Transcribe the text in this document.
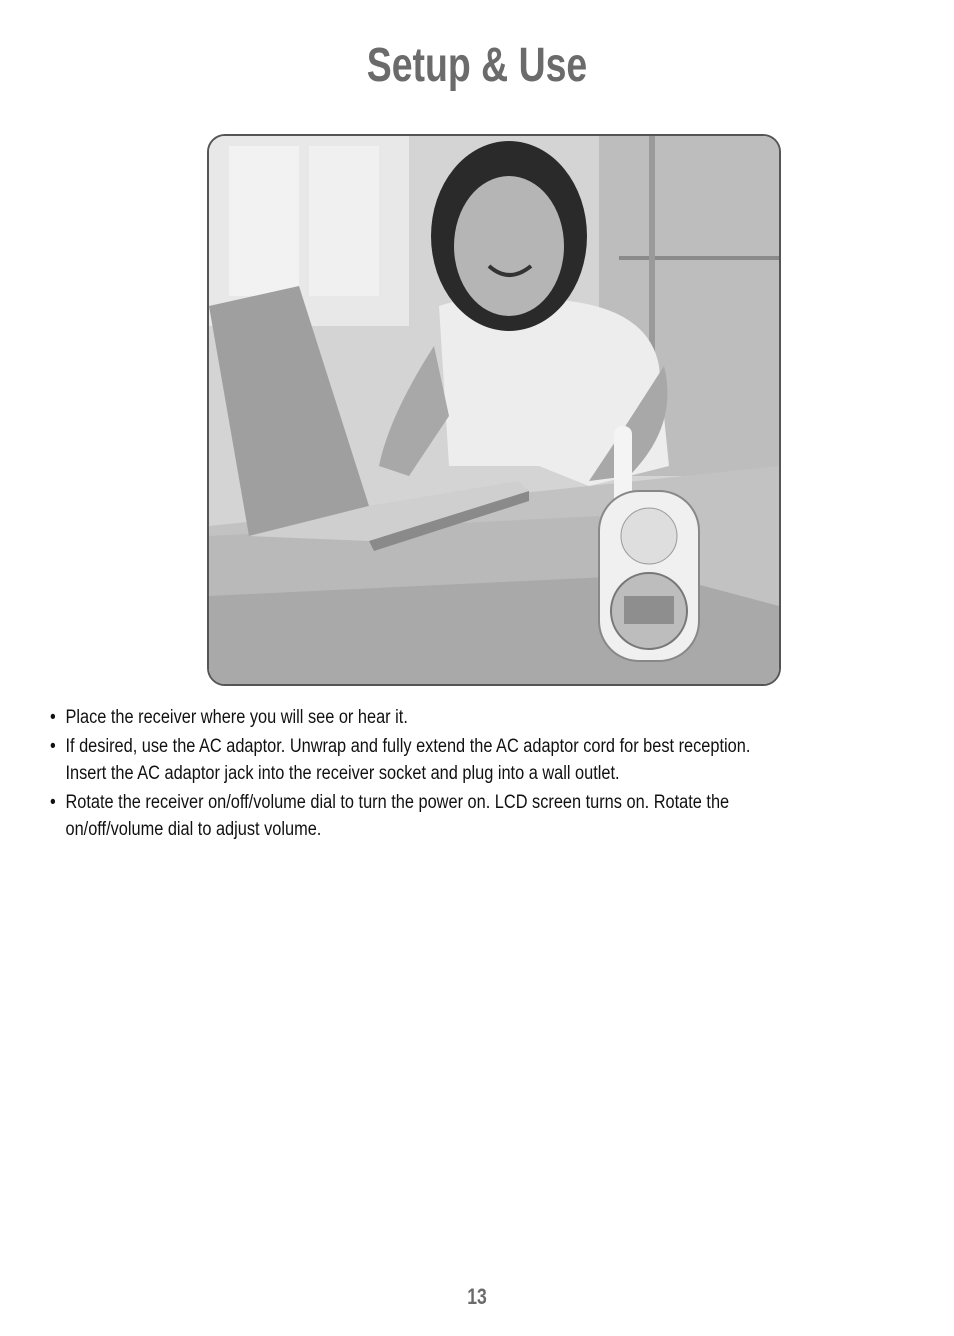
Setup & Use
• Place the receiver where you will see or hear it.
• If desired, use the AC adaptor. Unwrap and fully extend the AC adaptor cord for best reception. Insert the AC adaptor jack into the receiver socket and plug into a wall outlet.
• Rotate the receiver on/off/volume dial to turn the power on. LCD screen turns on. Rotate the on/off/volume dial to adjust volume.
13
